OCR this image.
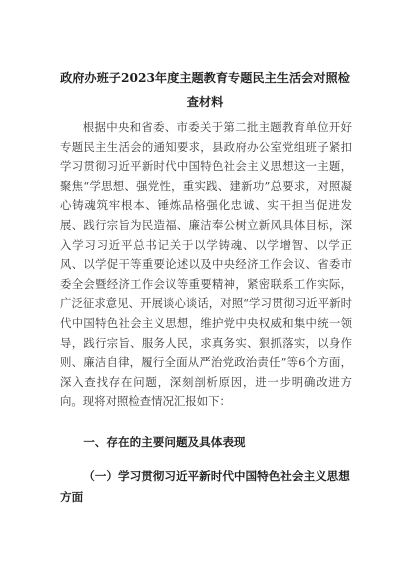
政府办班子2023年度主题教育专题民主生活会对照检查材料

根据中央和省委、市委关于第二批主题教育单位开好专题民主生活会的通知要求，县政府办公室党组班子紧扣学习贯彻习近平新时代中国特色社会主义思想这一主题，聚焦“学思想、强党性，重实践、建新功”总要求，对照凝心铸魂筑牢根本、锤炼品格强化忠诚、实干担当促进发展、践行宗旨为民造福、廉洁奉公树立新风具体目标，深入学习习近平总书记关于以学铸魂、以学增智、以学正风、以学促干等重要论述以及中央经济工作会议、省委市委全会暨经济工作会议等重要精神，紧密联系工作实际，广泛征求意见、开展谈心谈话，对照“学习贯彻习近平新时代中国特色社会主义思想，维护党中央权威和集中统一领导，践行宗旨、服务人民，求真务实、狠抓落实，以身作则、廉洁自律，履行全面从严治党政治责任”等6个方面，深入查找存在问题，深刻剖析原因，进一步明确改进方向。现将对照检查情况汇报如下：

一、存在的主要问题及具体表现
（一）学习贯彻习近平新时代中国特色社会主义思想方面
